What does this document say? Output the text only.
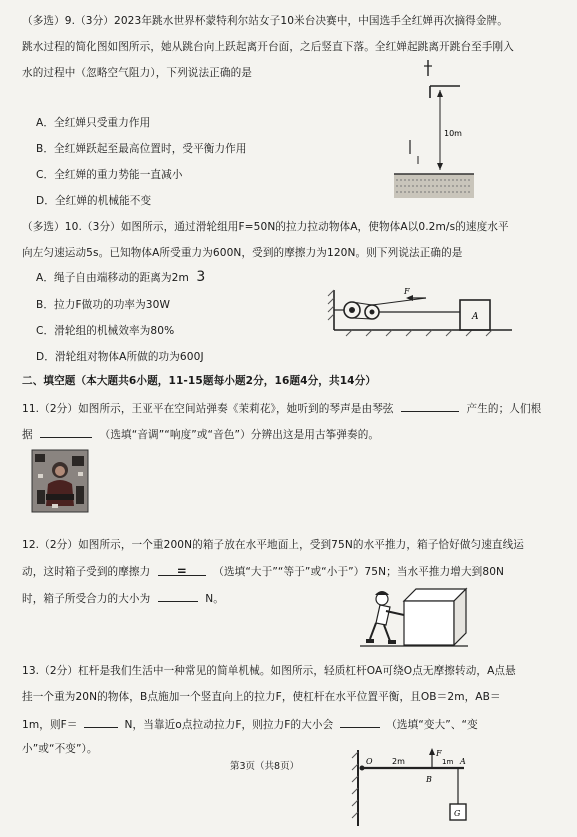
（多选）9.（3分）2023年跳水世界杯蒙特利尔站女子10米台决赛中，中国选手全红婵再次摘得金牌。
跳水过程的简化图如图所示，她从跳台向上跃起离开台面，之后竖直下落。全红婵起跳离开跳台至手刚入
水的过程中（忽略空气阻力），下列说法正确的是
A．全红婵只受重力作用
B．全红婵跃起至最高位置时，受平衡力作用
C．全红婵的重力势能一直减小
D．全红婵的机械能不变
10m
（多选）10.（3分）如图所示，通过滑轮组用F=50N的拉力拉动物体A，使物体A以0.2m/s的速度水平
向左匀速运动5s。已知物体A所受重力为600N，受到的摩擦力为120N。则下列说法正确的是
A．绳子自由端移动的距离为2m 3
B．拉力F做功的功率为30W
C．滑轮组的机械效率为80%
D．滑轮组对物体A所做的功为600J
F
A
二、填空题（本大题共6小题，11-15题每小题2分，16题4分，共14分）
11.（2分）如图所示，王亚平在空间站弹奏《茉莉花》，她听到的琴声是由琴弦	产生的；人们根
据	（选填“音调”“响度”或“音色”）分辨出这是用古筝弹奏的。
12.（2分）如图所示，一个重200N的箱子放在水平地面上，受到75N的水平推力，箱子恰好做匀速直线运
动，这时箱子受到的摩擦力 = （选填“大于”“等于”或“小于”）75N；当水平推力增大到80N
时，箱子所受合力的大小为	N。
13.（2分）杠杆是我们生活中一种常见的简单机械。如图所示，轻质杠杆OA可绕O点无摩擦转动，A点悬
挂一个重为20N的物体，B点施加一个竖直向上的拉力F，使杠杆在水平位置平衡，且OB＝2m，AB＝
1m，则F＝	N，当靠近o点拉动拉力F，则拉力F的大小会	（选填“变大”、“变
小”或“不变”）。
第3页（共8页）	O 2m
F
1m A
B
G
